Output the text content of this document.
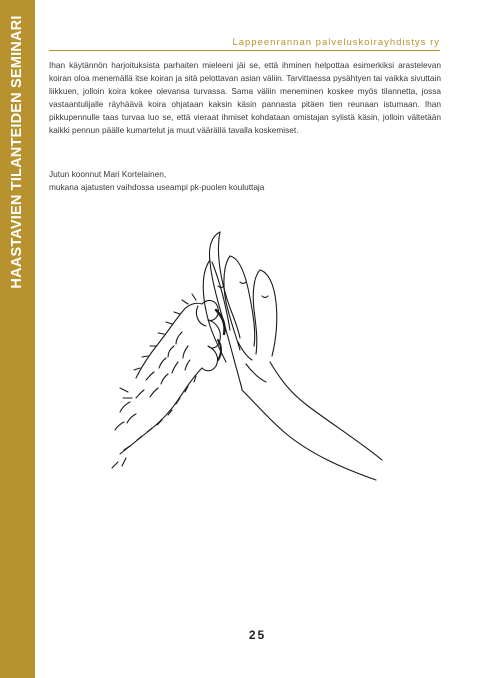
HAASTAVIEN TILANTEIDEN SEMINARI	Lappeenrannan palveluskoirayhdistys ry

Ihan käytännön harjoituksista parhaiten mieleeni jäi se, että ihminen helpottaa esimerkiksi arastelevan koiran oloa menemällä itse koiran ja sitä pelottavan asian väliin. Tarvittaessa pysähtyen tai vaikka sivuttain liikkuen, jolloin koira kokee olevansa turvassa. Sama väliin meneminen koskee myös tilannetta, jossa vastaantulijalle räyhäävä koira ohjataan kaksin käsin pannasta pitäen tien reunaan istumaan. Ihan pikkupennulle taas turvaa luo se, että vieraat ihmiset kohdataan omistajan sylistä käsin, jolloin vältetään kaikki pennun päälle kumartelut ja muut väärällä tavalla koskemiset.

Jutun koonnut Mari Kortelainen,
mukana ajatusten vaihdossa useampi pk-puolen kouluttaja
25
